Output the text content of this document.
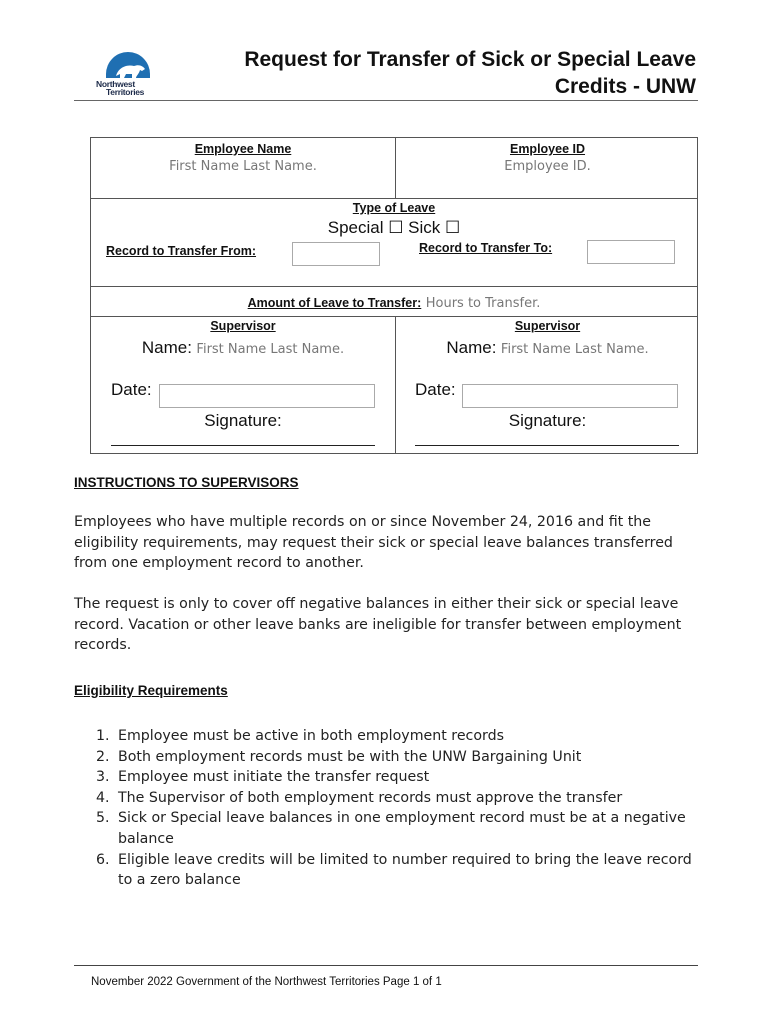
Northwest
Territories
Request for Transfer of Sick or Special Leave
Credits - UNW
Employee Name
First Name Last Name.
Employee ID
Employee ID.
Type of Leave
Special ☐ Sick ☐
Record to Transfer From:	Record to Transfer To:
Amount of Leave to Transfer: Hours to Transfer.
Supervisor
Name: First Name Last Name.
Date:
Signature:
Supervisor
Name: First Name Last Name.
Date:
Signature:
INSTRUCTIONS TO SUPERVISORS
Employees who have multiple records on or since November 24, 2016 and fit the eligibility requirements, may request their sick or special leave balances transferred from one employment record to another.
The request is only to cover off negative balances in either their sick or special leave record. Vacation or other leave banks are ineligible for transfer between employment records.
Eligibility Requirements
1. Employee must be active in both employment records
2. Both employment records must be with the UNW Bargaining Unit
3. Employee must initiate the transfer request
4. The Supervisor of both employment records must approve the transfer
5. Sick or Special leave balances in one employment record must be at a negative balance
6. Eligible leave credits will be limited to number required to bring the leave record to a zero balance
November 2022 Government of the Northwest Territories Page 1 of 1
